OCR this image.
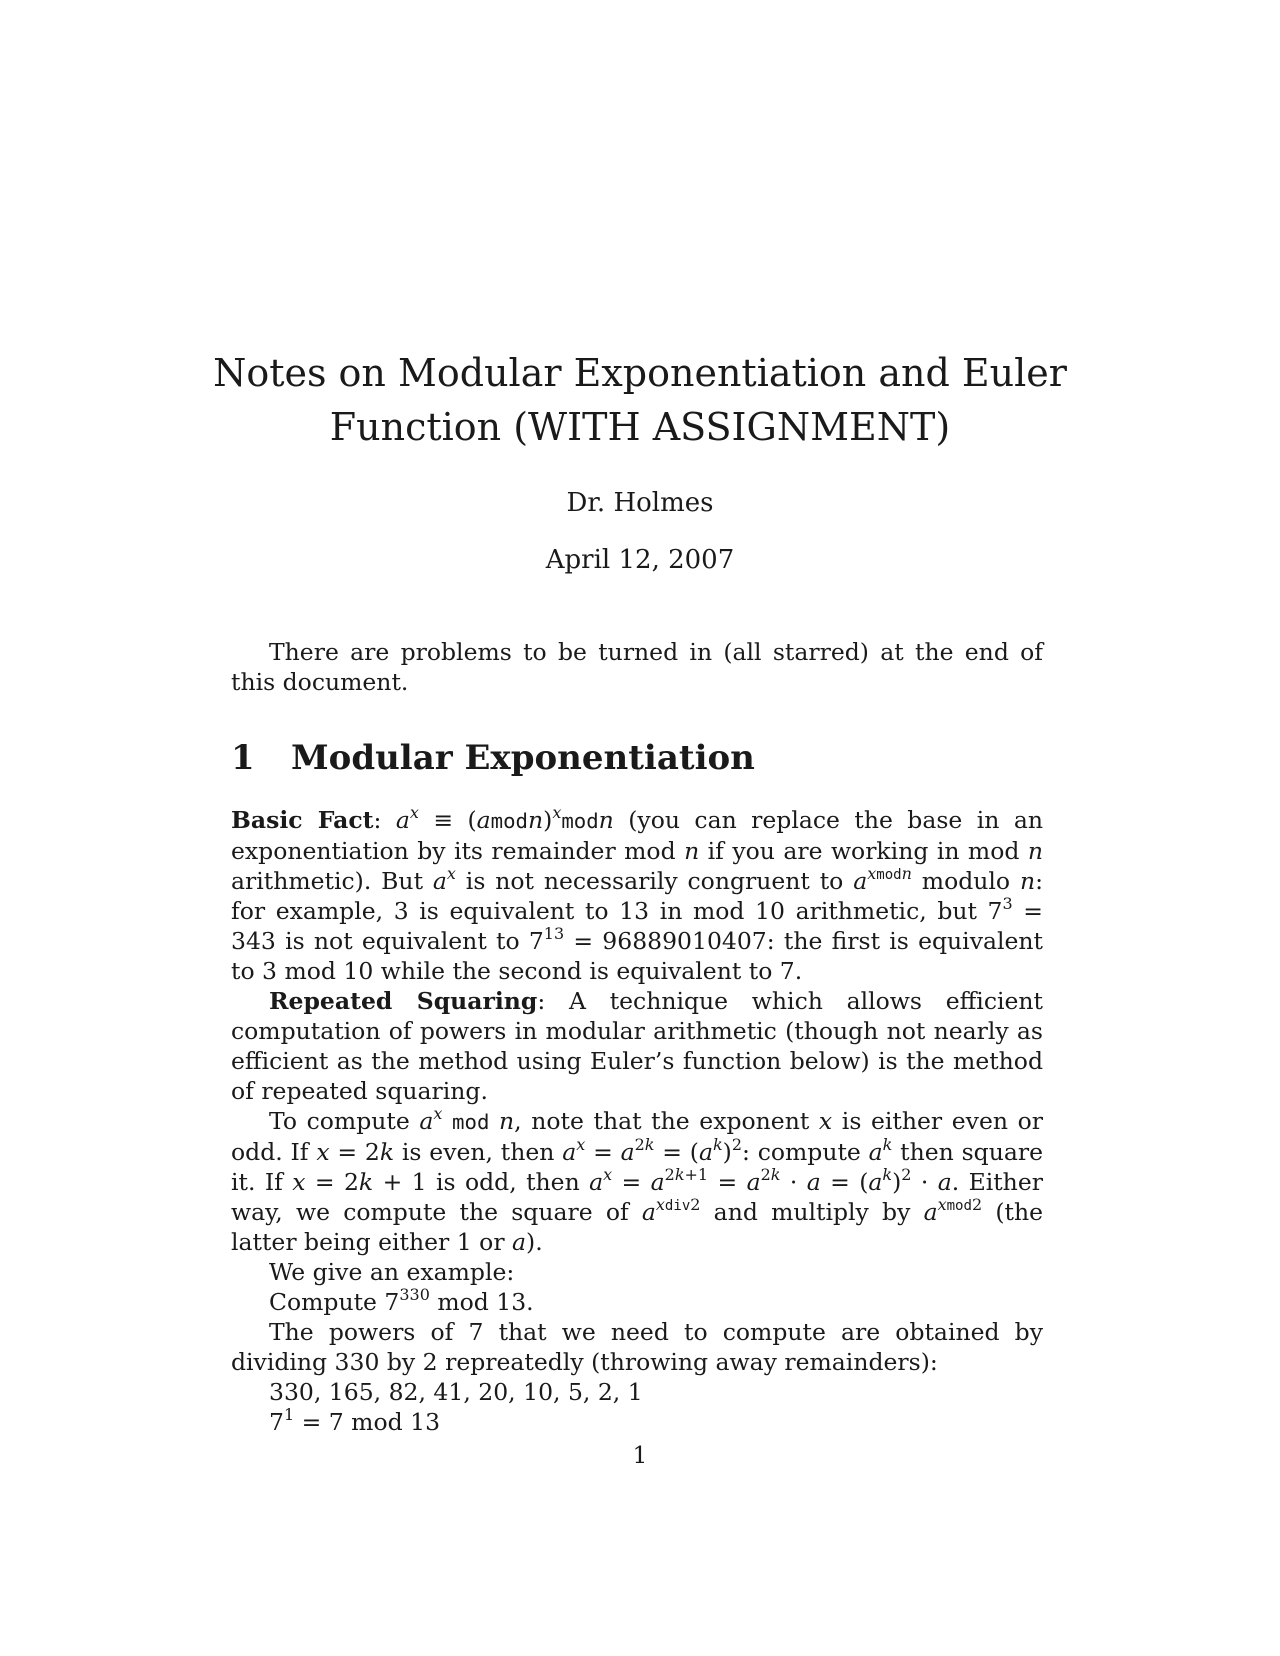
Notes on Modular Exponentiation and Euler
Function (WITH ASSIGNMENT)
Dr. Holmes
April 12, 2007

There are problems to be turned in (all starred) at the end of this document.

1 Modular Exponentiation

Basic Fact: $a^x$ ≡ (amodn)$^x$modn (you can replace the base in an exponentiation by its remainder mod n if you are working in mod n arithmetic). But $a^x$ is not necessarily congruent to $a^{xmodn}$ modulo n: for example, 3 is equivalent to 13 in mod 10 arithmetic, but $7^3 = 343$ is not equivalent to $7^{13} = 96889010407$: the first is equivalent to 3 mod 10 while the second is equivalent to 7.

Repeated Squaring: A technique which allows efficient computation of powers in modular arithmetic (though not nearly as efficient as the method using Euler’s function below) is the method of repeated squaring.

To compute $a^x$ mod n, note that the exponent x is either even or odd. If x = 2k is even, then $a^x = a^{2k} = (a^k)^2$: compute $a^k$ then square it. If x = 2k + 1 is odd, then $a^x = a^{2k+1} = a^{2k} \cdot a = (a^k)^2 \cdot a$. Either way, we compute the square of $a^{xdiv2}$ and multiply by $a^{xmod2}$ (the latter being either 1 or a).

We give an example:

Compute $7^{330}$ mod 13.

The powers of 7 that we need to compute are obtained by dividing 330 by 2 repreatedly (throwing away remainders):

330, 165, 82, 41, 20, 10, 5, 2, 1

$7^1 = 7$ mod 13

1
